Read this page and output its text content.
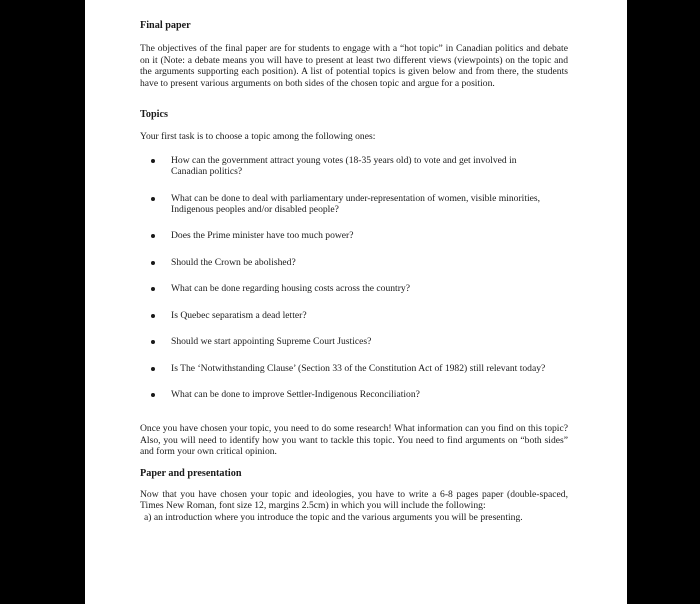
Final paper

The objectives of the final paper are for students to engage with a “hot topic” in Canadian politics and debate on it (Note: a debate means you will have to present at least two different views (viewpoints) on the topic and the arguments supporting each position). A list of potential topics is given below and from there, the students have to present various arguments on both sides of the chosen topic and argue for a position.

Topics

Your first task is to choose a topic among the following ones:

How can the government attract young votes (18-35 years old) to vote and get involved in Canadian politics?
What can be done to deal with parliamentary under-representation of women, visible minorities, Indigenous peoples and/or disabled people?
Does the Prime minister have too much power?
Should the Crown be abolished?
What can be done regarding housing costs across the country?
Is Quebec separatism a dead letter?
Should we start appointing Supreme Court Justices?
Is The ‘Notwithstanding Clause’ (Section 33 of the Constitution Act of 1982) still relevant today?
What can be done to improve Settler-Indigenous Reconciliation?

Once you have chosen your topic, you need to do some research! What information can you find on this topic? Also, you will need to identify how you want to tackle this topic. You need to find arguments on “both sides” and form your own critical opinion.

Paper and presentation

Now that you have chosen your topic and ideologies, you have to write a 6-8 pages paper (double-spaced, Times New Roman, font size 12, margins 2.5cm) in which you will include the following:

a) an introduction where you introduce the topic and the various arguments you will be presenting.
